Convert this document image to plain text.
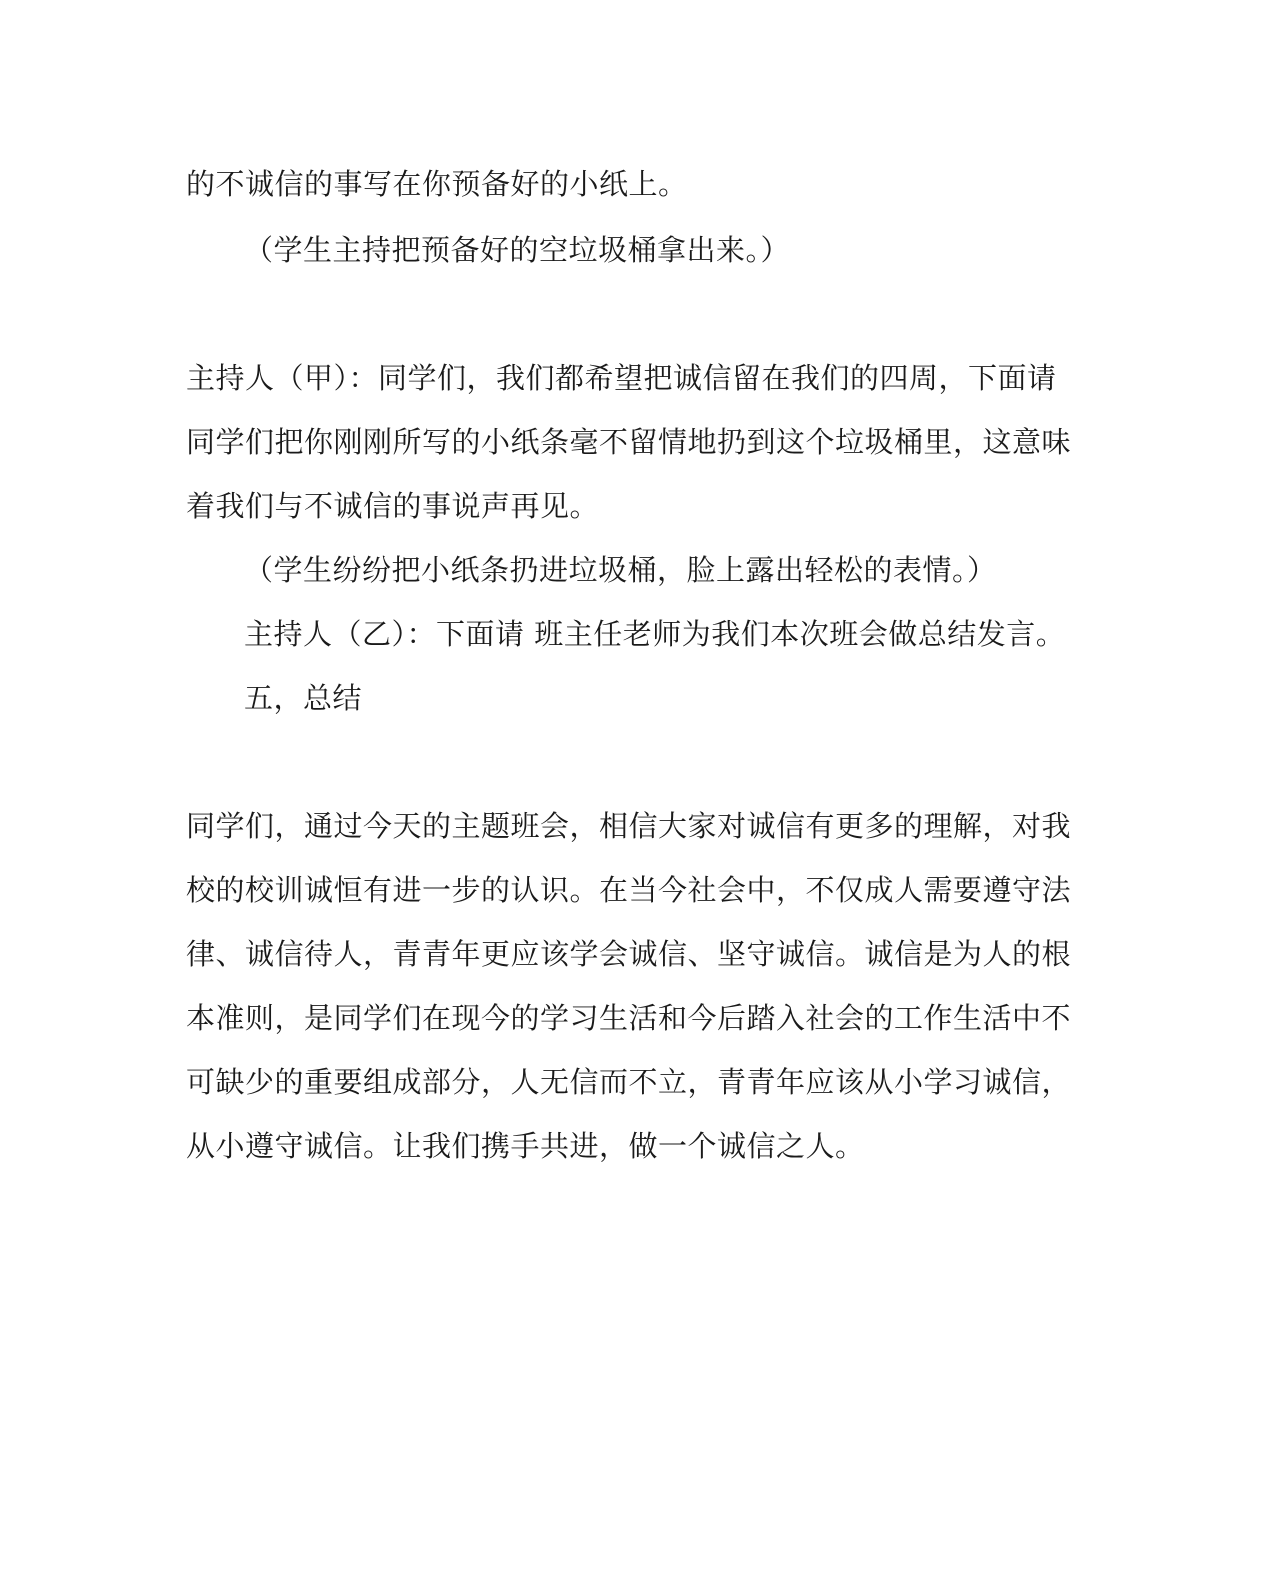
的不诚信的事写在你预备好的小纸上。
（学生主持把预备好的空垃圾桶拿出来。）
主持人（甲）：同学们，我们都希望把诚信留在我们的四周，下面请
同学们把你刚刚所写的小纸条毫不留情地扔到这个垃圾桶里，这意味
着我们与不诚信的事说声再见。
（学生纷纷把小纸条扔进垃圾桶，脸上露出轻松的表情。）
主持人（乙）：下面请 班主任老师为我们本次班会做总结发言。
五，总结
同学们，通过今天的主题班会，相信大家对诚信有更多的理解，对我
校的校训诚恒有进一步的认识。在当今社会中，不仅成人需要遵守法
律、诚信待人，青青年更应该学会诚信、坚守诚信。诚信是为人的根
本准则，是同学们在现今的学习生活和今后踏入社会的工作生活中不
可缺少的重要组成部分，人无信而不立，青青年应该从小学习诚信，
从小遵守诚信。让我们携手共进，做一个诚信之人。
